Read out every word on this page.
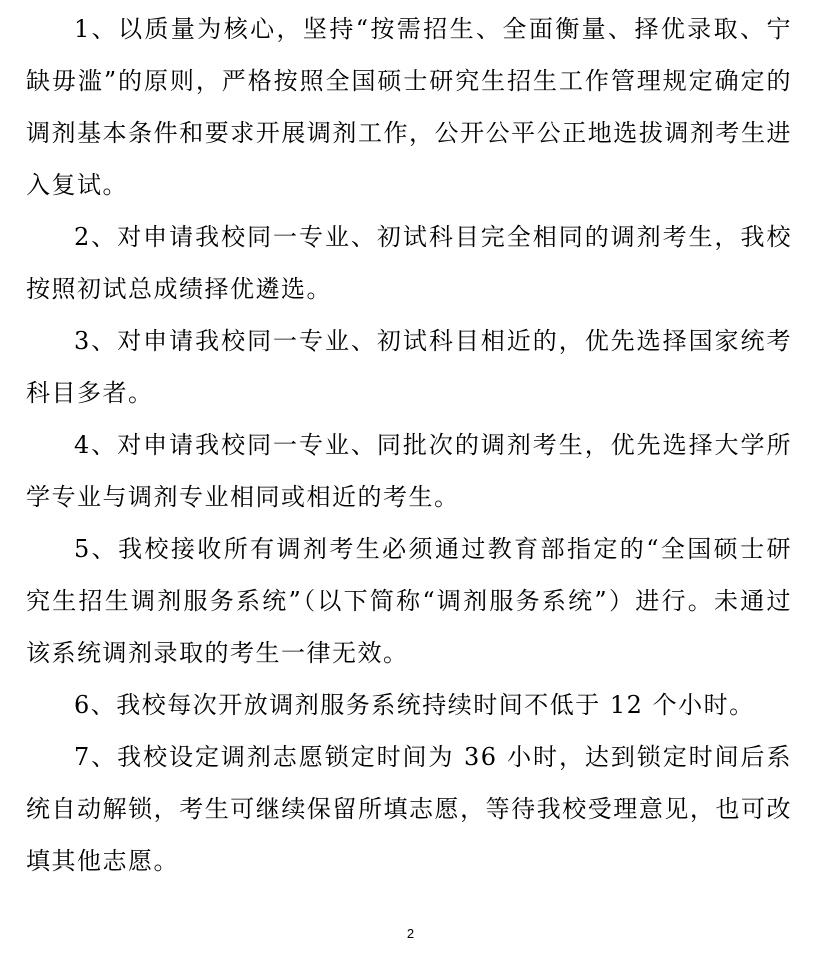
1、以质量为核心，坚持“按需招生、全面衡量、择优录取、宁缺毋滥”的原则，严格按照全国硕士研究生招生工作管理规定确定的调剂基本条件和要求开展调剂工作，公开公平公正地选拔调剂考生进入复试。

2、对申请我校同一专业、初试科目完全相同的调剂考生，我校按照初试总成绩择优遴选。

3、对申请我校同一专业、初试科目相近的，优先选择国家统考科目多者。

4、对申请我校同一专业、同批次的调剂考生，优先选择大学所学专业与调剂专业相同或相近的考生。

5、我校接收所有调剂考生必须通过教育部指定的“全国硕士研究生招生调剂服务系统”（以下简称“调剂服务系统”）进行。未通过该系统调剂录取的考生一律无效。

6、我校每次开放调剂服务系统持续时间不低于 12 个小时。

7、我校设定调剂志愿锁定时间为 36 小时，达到锁定时间后系统自动解锁，考生可继续保留所填志愿，等待我校受理意见，也可改填其他志愿。

2
